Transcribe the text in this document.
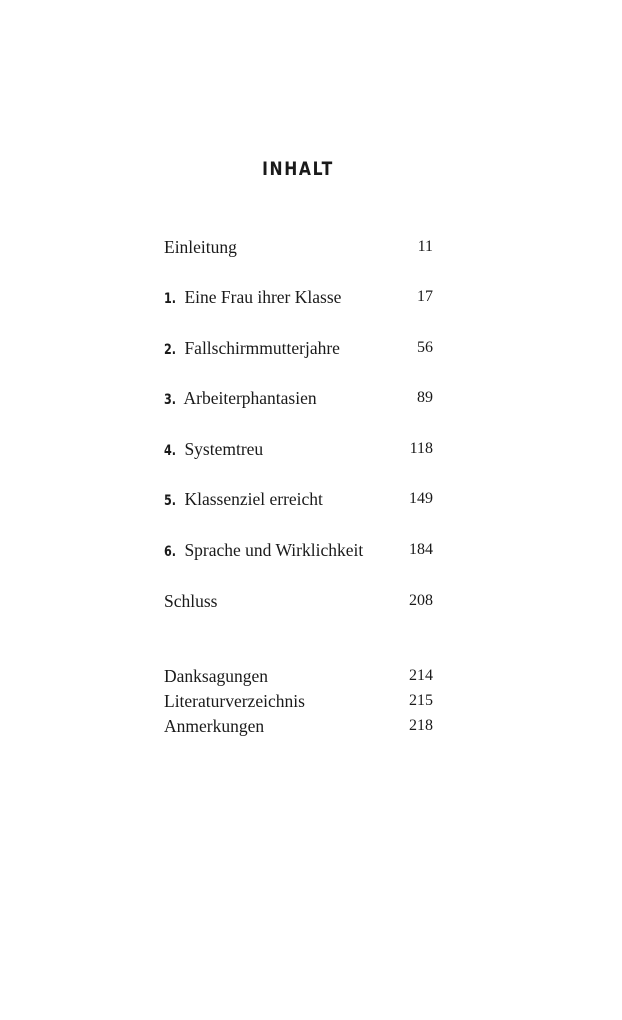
INHALT
Einleitung	11
1. Eine Frau ihrer Klasse	17
2. Fallschirmmutterjahre	56
3. Arbeiterphantasien	89
4. Systemtreu	118
5. Klassenziel erreicht	149
6. Sprache und Wirklichkeit	184
Schluss	208
Danksagungen	214
Literaturverzeichnis	215
Anmerkungen	218
